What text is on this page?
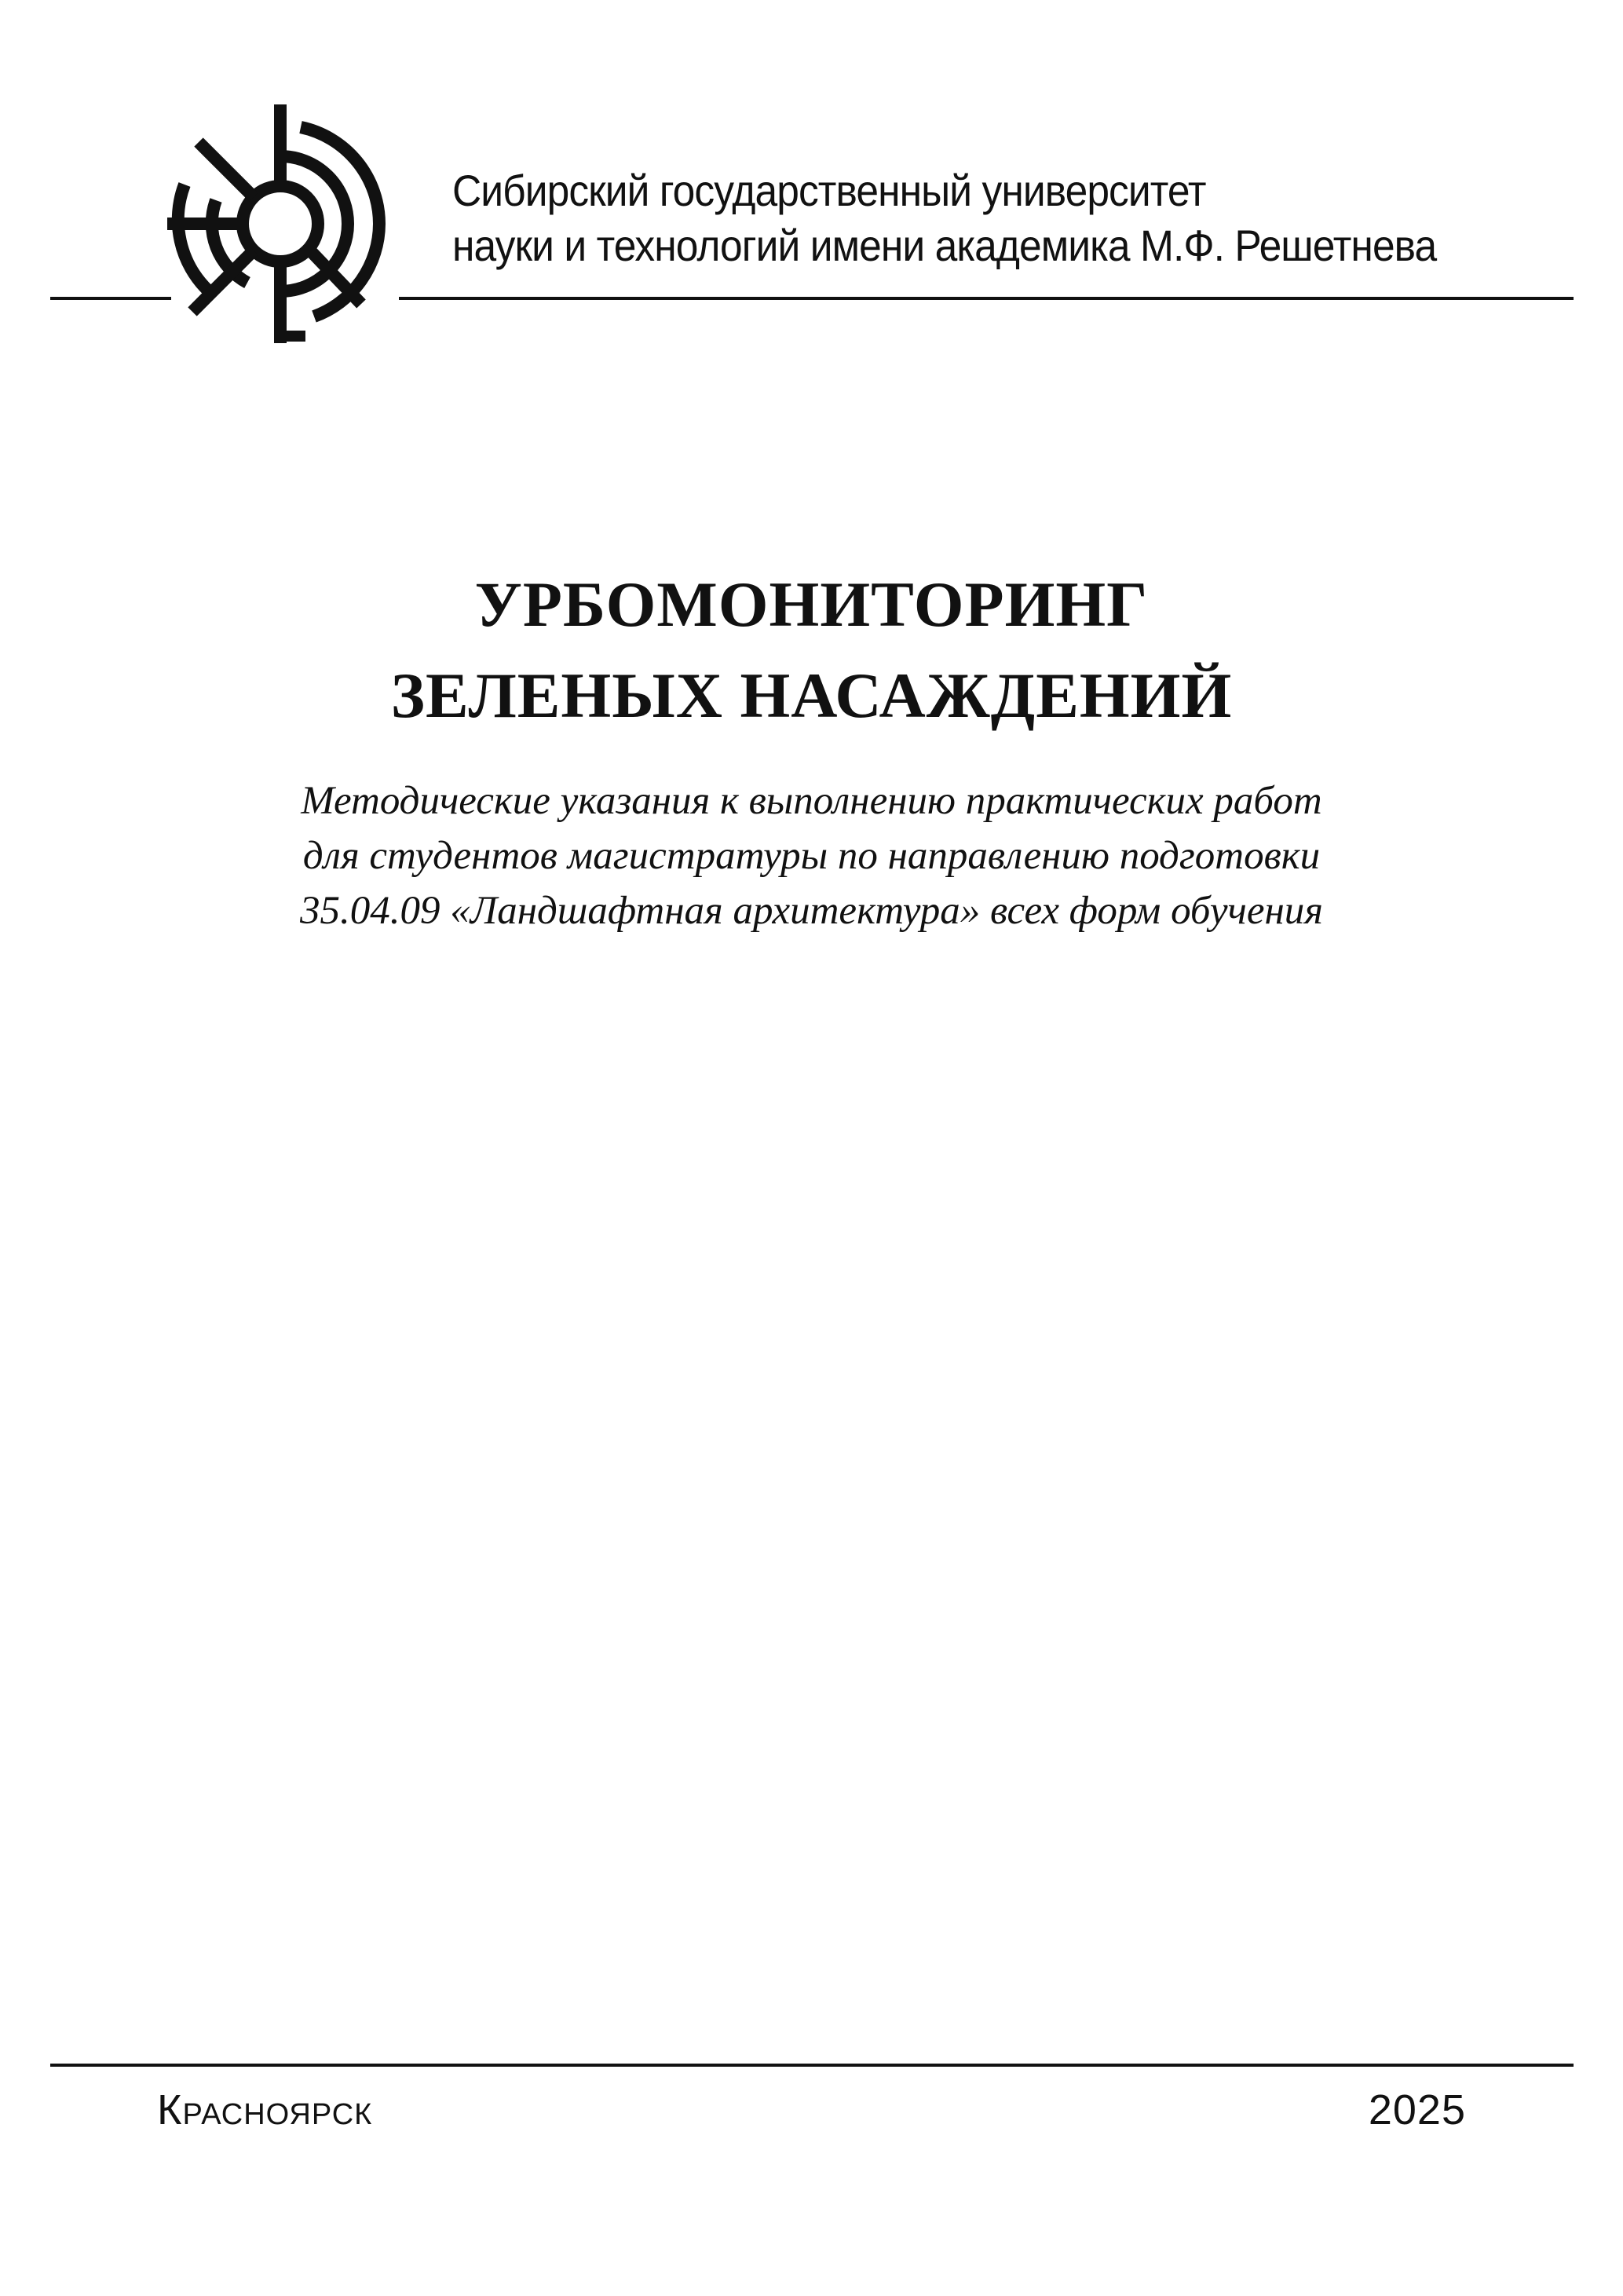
Сибирский государственный университет
науки и технологий имени академика М.Ф. Решетнева
УРБОМОНИТОРИНГ
ЗЕЛЕНЫХ НАСАЖДЕНИЙ
Методические указания к выполнению практических работ
для студентов магистратуры по направлению подготовки
35.04.09 «Ландшафтная архитектура» всех форм обучения
Красноярск	2025
